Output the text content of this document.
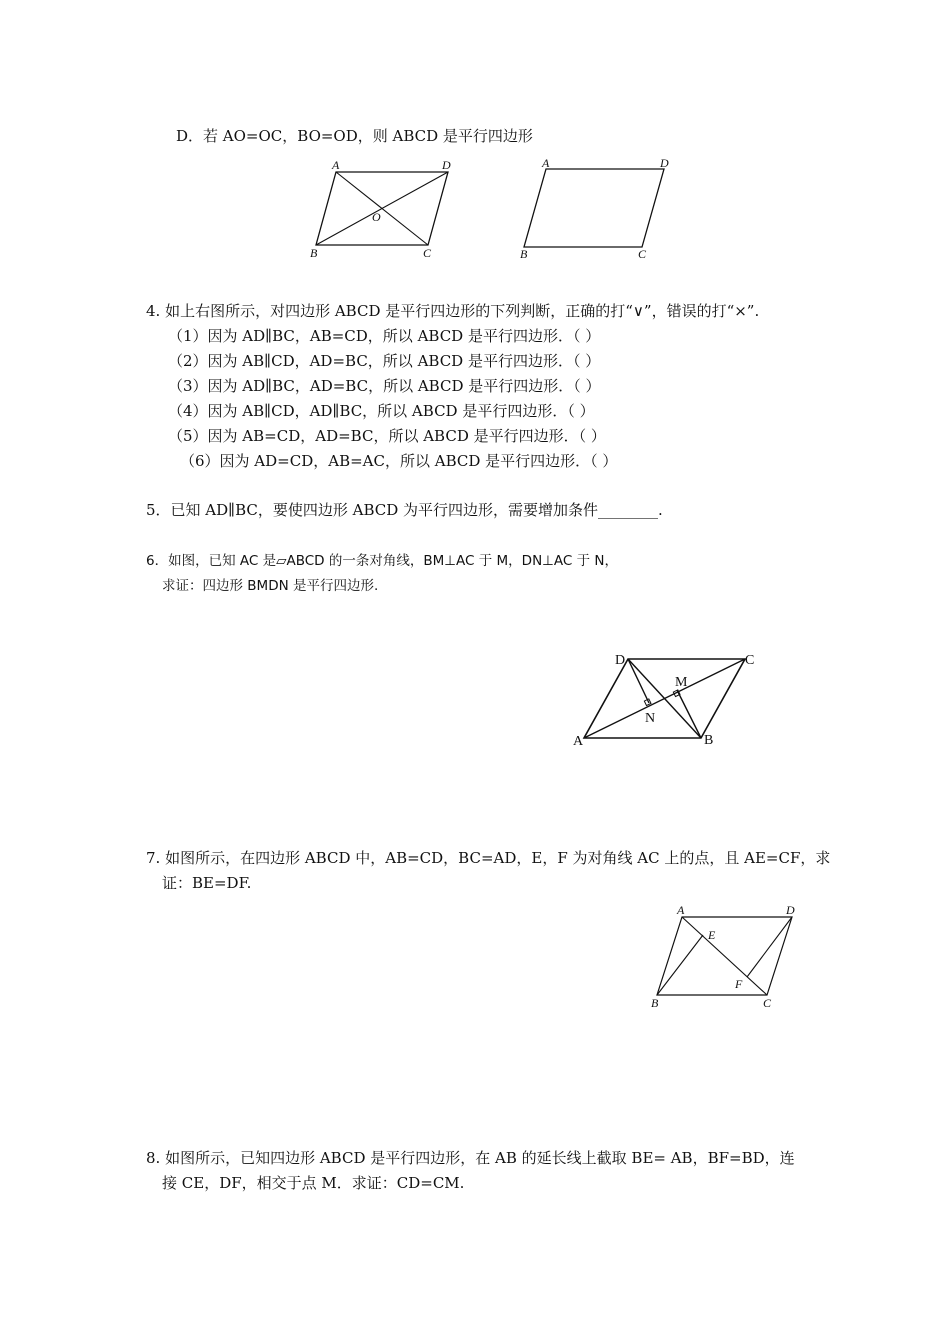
D．若 AO=OC，BO=OD，则 ABCD 是平行四边形
A	D
B	C
O
A	D
B	C
4. 如上右图所示，对四边形 ABCD 是平行四边形的下列判断，正确的打“∨”，错误的打“×”.
（1）因为 AD∥BC，AB=CD，所以 ABCD 是平行四边形．（ ）
（2）因为 AB∥CD，AD=BC，所以 ABCD 是平行四边形．（ ）
（3）因为 AD∥BC，AD=BC，所以 ABCD 是平行四边形．（ ）
（4）因为 AB∥CD，AD∥BC，所以 ABCD 是平行四边形．（ ）
（5）因为 AB=CD，AD=BC，所以 ABCD 是平行四边形．（ ）
（6）因为 AD=CD，AB=AC，所以 ABCD 是平行四边形．（ ）
5．已知 AD∥BC，要使四边形 ABCD 为平行四边形，需要增加条件________.
6．如图，已知 AC 是▱ABCD 的一条对角线，BM⊥AC 于 M，DN⊥AC 于 N，
求证：四边形 BMDN 是平行四边形.
D	C
A	B
M
N
7. 如图所示，在四边形 ABCD 中，AB=CD，BC=AD，E，F 为对角线 AC 上的点，且 AE=CF，求
证：BE=DF.
A	D
B	C
E
F
8. 如图所示，已知四边形 ABCD 是平行四边形，在 AB 的延长线上截取 BE= AB，BF=BD，连
接 CE，DF，相交于点 M．求证：CD=CM.
